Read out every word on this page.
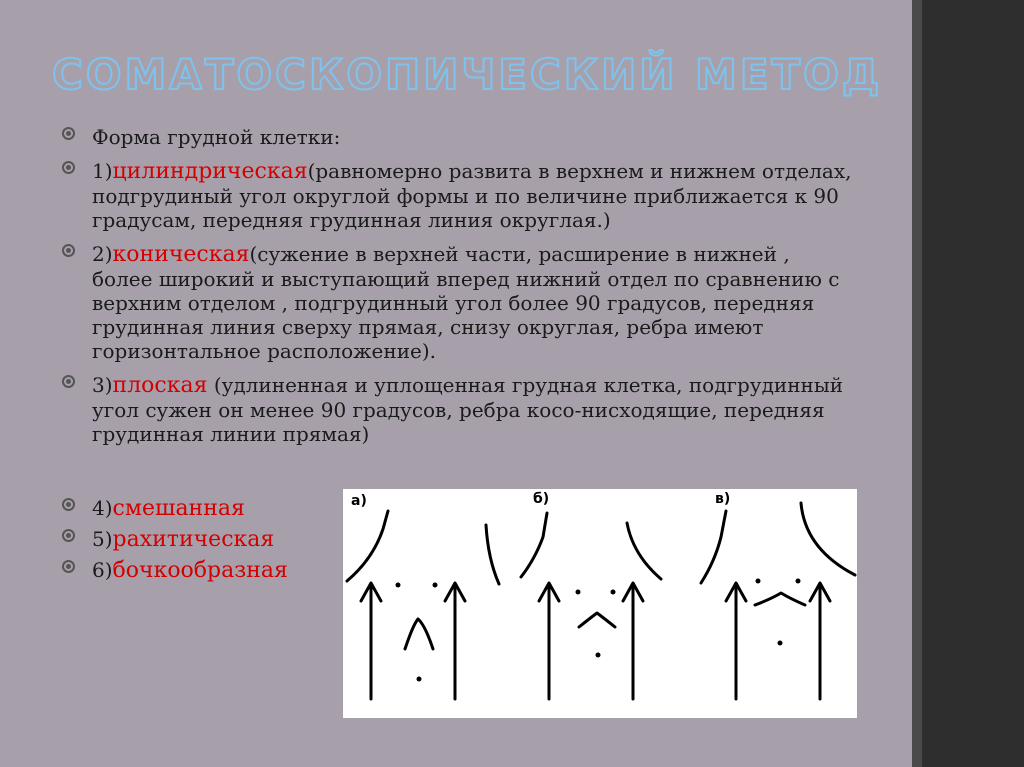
СОМАТОСКОПИЧЕСКИЙ МЕТОД
Форма грудной клетки:
1)цилиндрическая(равномерно развита в верхнем и нижнем отделах, подгрудиный угол округлой формы и по величине приближается к 90 градусам, передняя грудинная линия округлая.)
2)коническая(сужение в верхней части, расширение в нижней , более широкий и выступающий вперед нижний отдел по сравнению с верхним отделом , подгрудинный угол более 90 градусов, передняя грудинная линия сверху прямая, снизу округлая, ребра имеют горизонтальное расположение).
3)плоская (удлиненная и уплощенная грудная клетка, подгрудинный угол сужен он менее 90 градусов, ребра косо-нисходящие, передняя грудинная линии прямая)
4)смешанная
5)рахитическая
6)бочкообразная
а)	б)	в)
